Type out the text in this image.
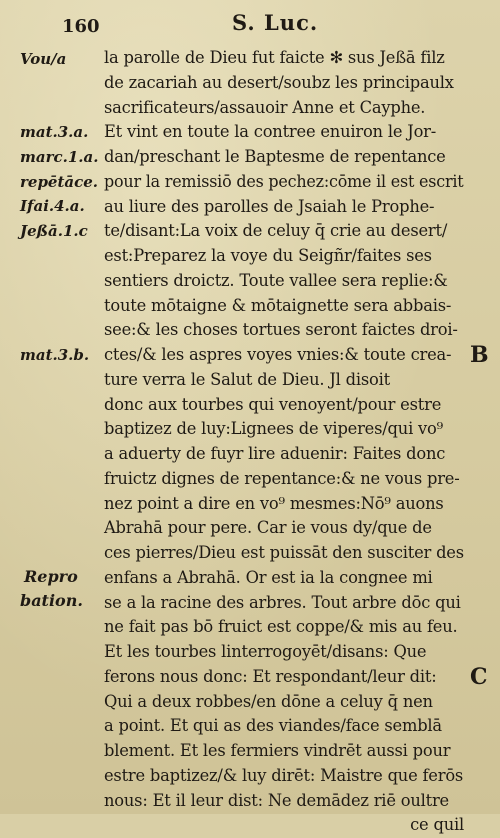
160	S. Luc.
Vou/a
mat.3.a.
marc.1.a.
repētāce.
Ifai.4.a.
Jeßā.1.c
mat.3.b.
Repro
bation.
B
C
la parolle de Dieu fut faicte ✻ sus Jeßā filz
de zacariah au desert/soubz les principaulx
sacrificateurs/assauoir Anne et Cayphe.
Et vint en toute la contree enuiron le Jor-
dan/preschant le Baptesme de repentance
pour la remissiō des pechez:cōme il est escrit
au liure des parolles de Jsaiah le Prophe-
te/disant:La voix de celuy q̄ crie au desert/
est:Preparez la voye du Seigñr/faites ses
sentiers droictz. Toute vallee sera replie:&
toute mōtaigne & mōtaignette sera abbais-
see:& les choses tortues seront faictes droi-
ctes/& les aspres voyes vnies:& toute crea-
ture verra le Salut de Dieu. Jl disoit
donc aux tourbes qui venoyent/pour estre
baptizez de luy:Lignees de viperes/qui vo⁹
a aduerty de fuyr lire aduenir: Faites donc
fruictz dignes de repentance:& ne vous pre-
nez point a dire en vo⁹ mesmes:Nō⁹ auons
Abrahā pour pere. Car ie vous dy/que de
ces pierres/Dieu est puissāt den susciter des
enfans a Abrahā. Or est ia la congnee mi
se a la racine des arbres. Tout arbre dōc qui
ne fait pas bō fruict est coppe/& mis au feu.
Et les tourbes linterrogoyēt/disans: Que
ferons nous donc: Et respondant/leur dit:
Qui a deux robbes/en dōne a celuy q̄ nen
a point. Et qui as des viandes/face semblā
blement. Et les fermiers vindrēt aussi pour
estre baptizez/& luy dirēt: Maistre que ferōs
nous: Et il leur dist: Ne demādez riē oultre
ce quil
